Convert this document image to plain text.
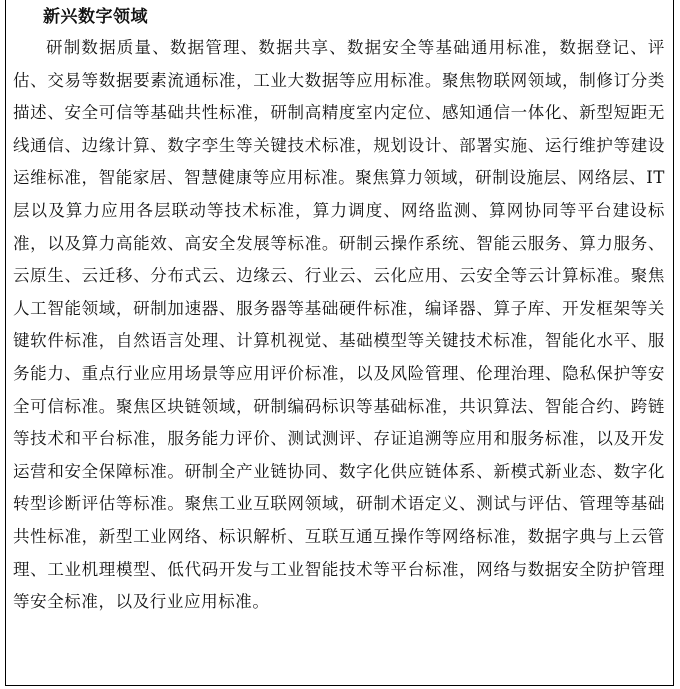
新兴数字领域

研制数据质量、数据管理、数据共享、数据安全等基础通用标准，数据登记、评估、交易等数据要素流通标准，工业大数据等应用标准。聚焦物联网领域，制修订分类描述、安全可信等基础共性标准，研制高精度室内定位、感知通信一体化、新型短距无线通信、边缘计算、数字孪生等关键技术标准，规划设计、部署实施、运行维护等建设运维标准，智能家居、智慧健康等应用标准。聚焦算力领域，研制设施层、网络层、IT层以及算力应用各层联动等技术标准，算力调度、网络监测、算网协同等平台建设标准，以及算力高能效、高安全发展等标准。研制云操作系统、智能云服务、算力服务、云原生、云迁移、分布式云、边缘云、行业云、云化应用、云安全等云计算标准。聚焦人工智能领域，研制加速器、服务器等基础硬件标准，编译器、算子库、开发框架等关键软件标准，自然语言处理、计算机视觉、基础模型等关键技术标准，智能化水平、服务能力、重点行业应用场景等应用评价标准，以及风险管理、伦理治理、隐私保护等安全可信标准。聚焦区块链领域，研制编码标识等基础标准，共识算法、智能合约、跨链等技术和平台标准，服务能力评价、测试测评、存证追溯等应用和服务标准，以及开发运营和安全保障标准。研制全产业链协同、数字化供应链体系、新模式新业态、数字化转型诊断评估等标准。聚焦工业互联网领域，研制术语定义、测试与评估、管理等基础共性标准，新型工业网络、标识解析、互联互通互操作等网络标准，数据字典与上云管理、工业机理模型、低代码开发与工业智能技术等平台标准，网络与数据安全防护管理等安全标准，以及行业应用标准。
